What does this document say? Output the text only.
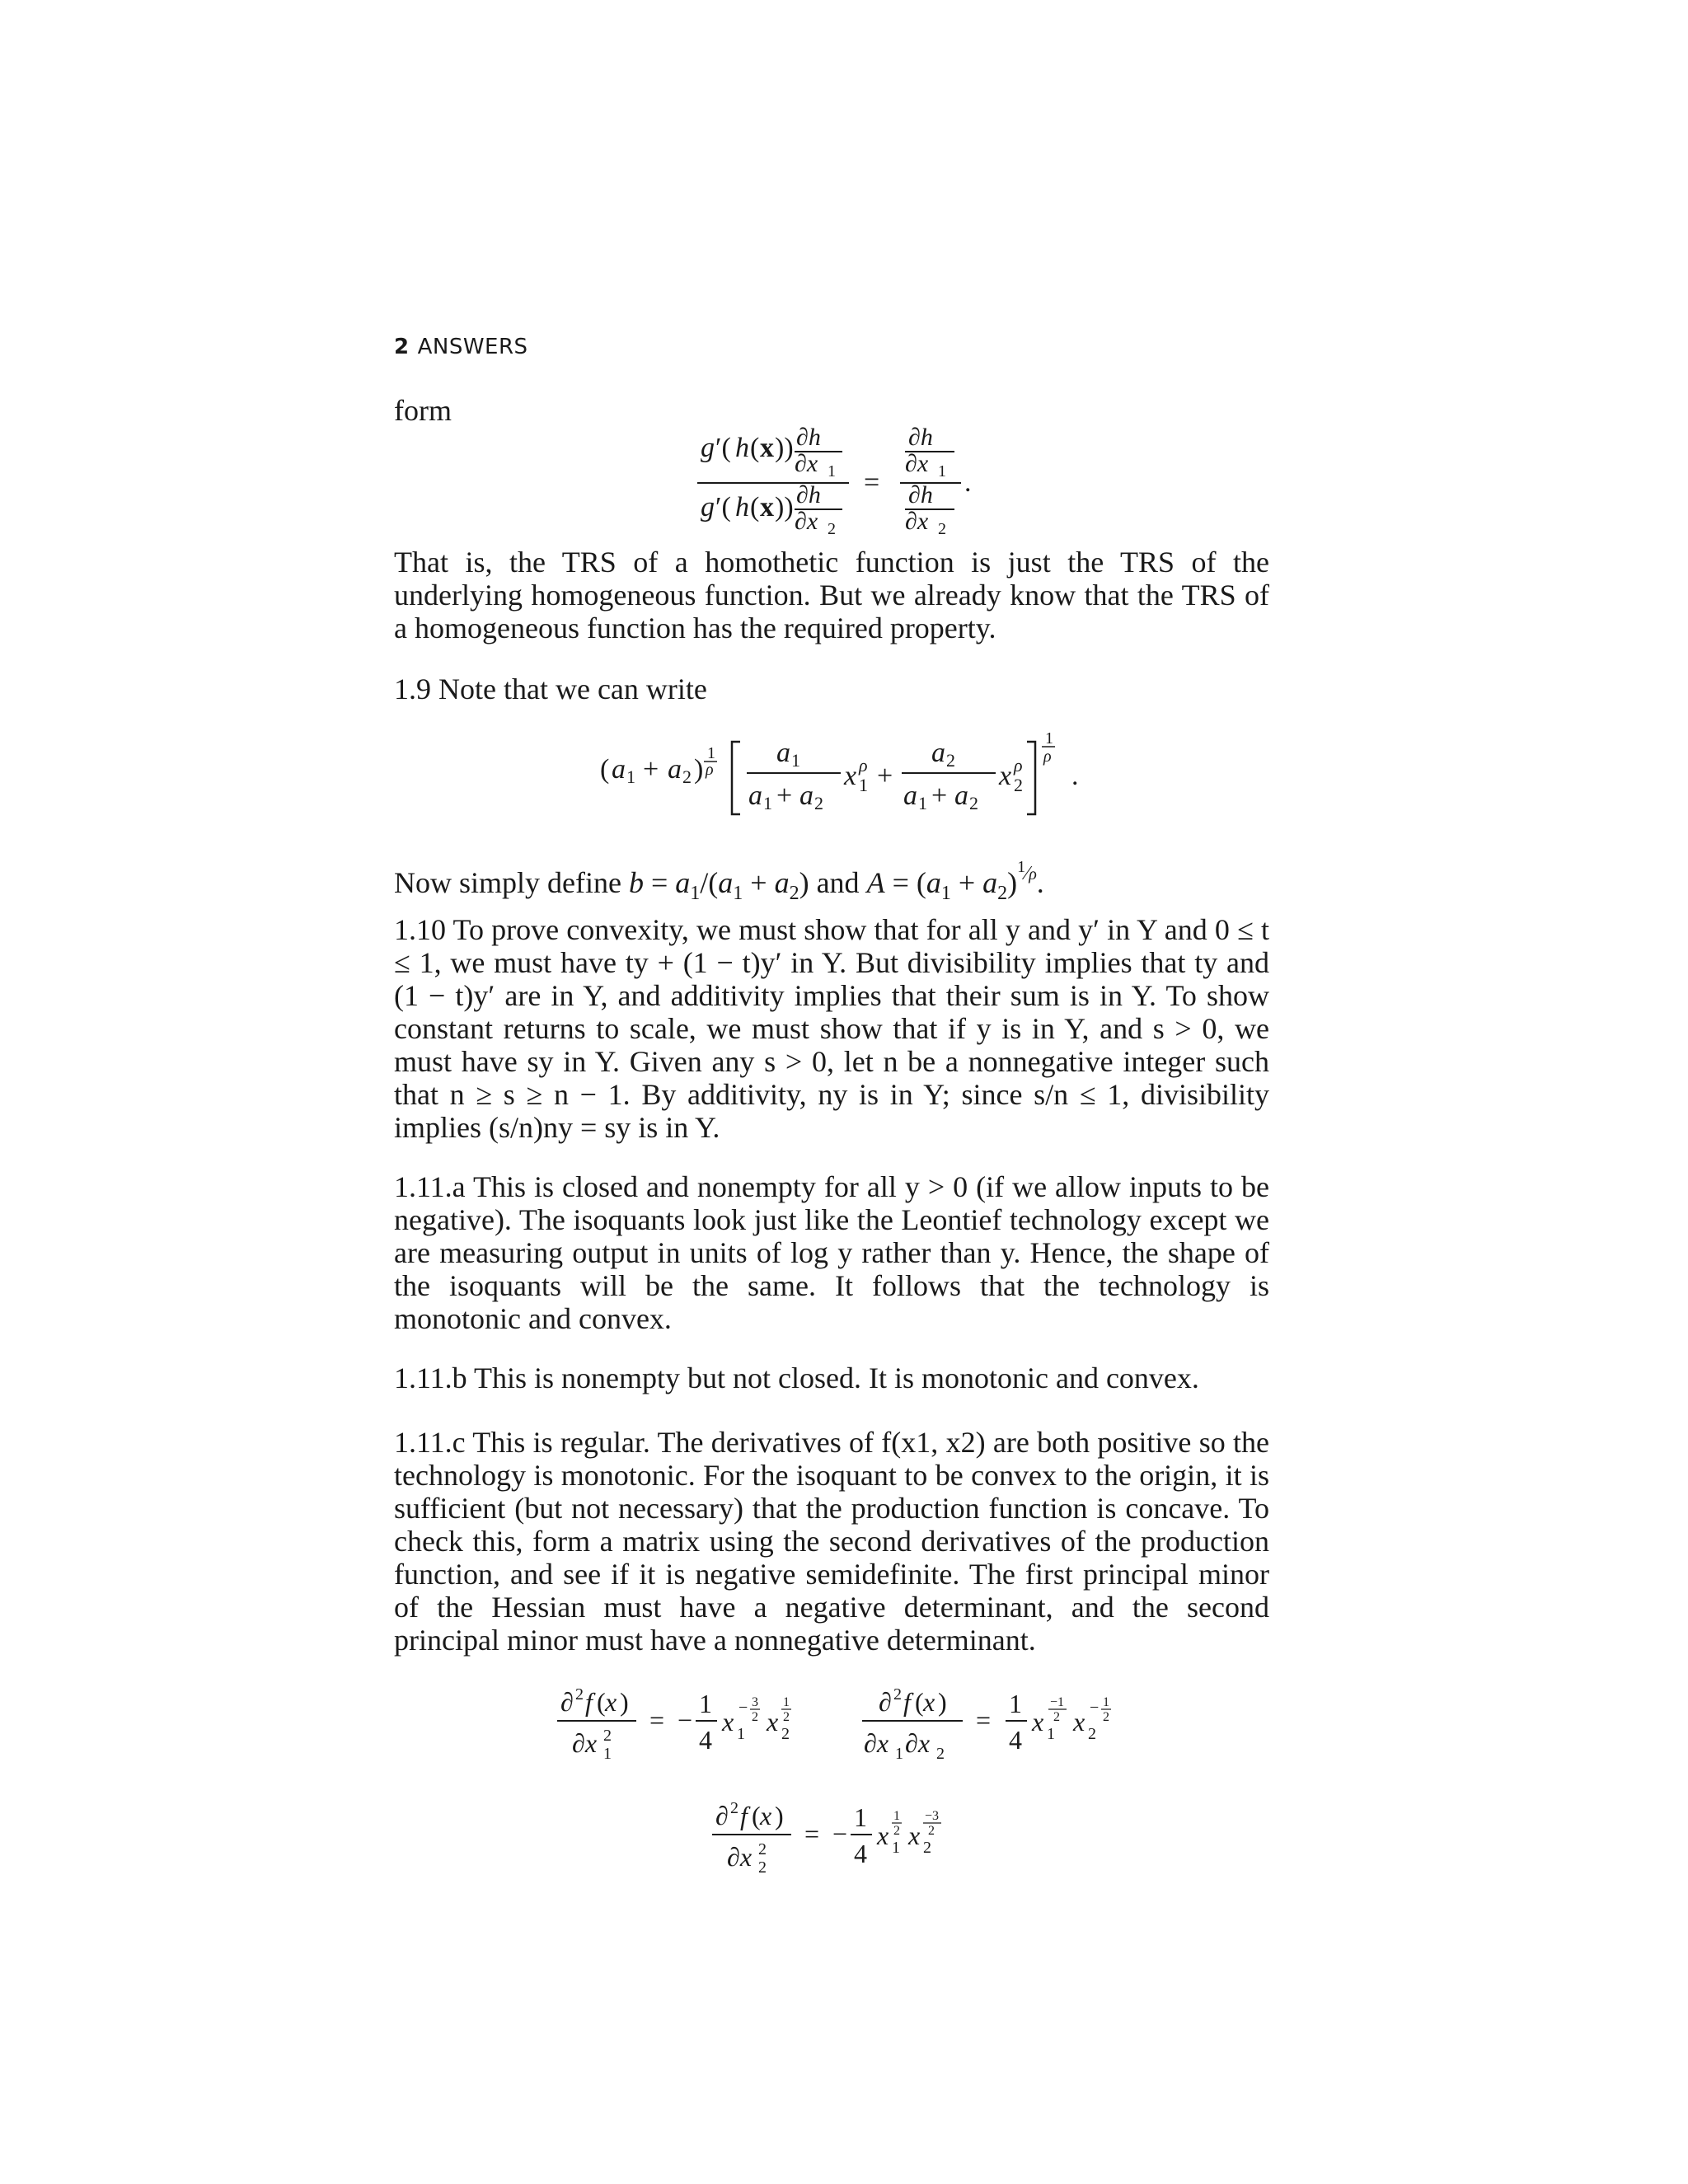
2 ANSWERS

form

g ′( h ( x )) ∂h
∂x 1
g ′( h ( x )) ∂h
∂x 2
=
∂h
∂x 1
∂h
∂x 2
.

That is, the TRS of a homothetic function is just the TRS of the underlying homogeneous function. But we already know that the TRS of a homogeneous function has the required property.

1.9 Note that we can write

( a 1 + a 2 )
1
ρ
a 1
a 1 + a 2
x ρ
1 +
a 2
a 1 + a 2
x ρ
2
1
ρ
.

Now simply define $b = a_1/(a_1 + a_2)$ and $A = (a_1 + a_2)^{^1⁄\rho}$.

1.10 To prove convexity, we must show that for all y and y′ in Y and 0 ≤ t ≤ 1, we must have ty + (1 − t)y′ in Y. But divisibility implies that ty and (1 − t)y′ are in Y, and additivity implies that their sum is in Y. To show constant returns to scale, we must show that if y is in Y, and s > 0, we must have sy in Y. Given any s > 0, let n be a nonnegative integer such that n ≥ s ≥ n − 1. By additivity, ny is in Y; since s/n ≤ 1, divisibility implies (s/n)ny = sy is in Y.

1.11.a This is closed and nonempty for all y > 0 (if we allow inputs to be negative). The isoquants look just like the Leontief technology except we are measuring output in units of log y rather than y. Hence, the shape of the isoquants will be the same. It follows that the technology is monotonic and convex.

1.11.b This is nonempty but not closed. It is monotonic and convex.

1.11.c This is regular. The derivatives of f(x1, x2) are both positive so the technology is monotonic. For the isoquant to be convex to the origin, it is sufficient (but not necessary) that the production function is concave. To check this, form a matrix using the second derivatives of the production function, and see if it is negative semidefinite. The first principal minor of the Hessian must have a negative determinant, and the second principal minor must have a nonnegative determinant.

∂ 2 f ( x )
∂x 2
1
= −
1
4
x 1
− 3
2 x 2
1
2
∂ 2 f ( x )
∂x 1 ∂x 2
=
1
4
x 1
−1
2 x 2
− 1
2
∂ 2 f ( x )
∂x 2
2
= −
1
4
x 1
1
2 x 2
−3
2
